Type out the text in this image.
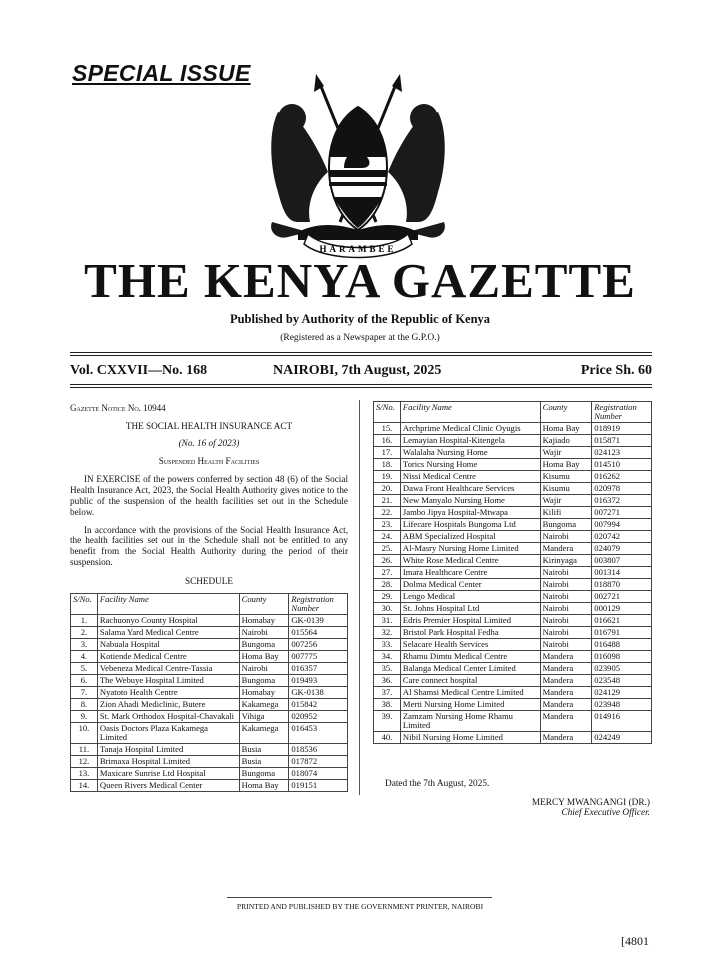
SPECIAL ISSUE
HARAMBEE
THE KENYA GAZETTE
Published by Authority of the Republic of Kenya
(Registered as a Newspaper at the G.P.O.)
Vol. CXXVII—No. 168	NAIROBI, 7th August, 2025	Price Sh. 60
Gazette Notice No. 10944
THE SOCIAL HEALTH INSURANCE ACT
(No. 16 of 2023)
Suspended Health Facilities

IN EXERCISE of the powers conferred by section 48 (6) of the Social Health Insurance Act, 2023, the Social Health Authority gives notice to the public of the suspension of the health facilities set out in the Schedule below.

In accordance with the provisions of the Social Health Insurance Act, the health facilities set out in the Schedule shall not be entitled to any benefit from the Social Health Authority during the period of their suspension.

SCHEDULE
S/No.	Facility Name	County	Registration Number
1.	Rachuonyo County Hospital	Homabay	GK-0139
2.	Salama Yard Medical Centre	Nairobi	015564
3.	Nabuala Hospital	Bungoma	007256
4.	Kotiende Medical Centre	Homa Bay	007775
5.	Vebeneza Medical Centre-Tassia	Nairobi	016357
6.	The Webuye Hospital Limited	Bungoma	019493
7.	Nyatoto Health Centre	Homabay	GK-0138
8.	Zion Ahadi Mediclinic, Butere	Kakamega	015842
9.	St. Mark Orthodox Hospital-Chavakali	Vihiga	020952
10.	Oasis Doctors Plaza Kakamega Limited	Kakamega	016453
11.	Tanaja Hospital Limited	Busia	018536
12.	Brimaxa Hospital Limited	Busia	017872
13.	Maxicare Sunrise Ltd Hospital	Bungoma	018074
14.	Queen Rivers Medical Center	Homa Bay	019151
S/No.	Facility Name	County	Registration Number
15.	Archprime Medical Clinic Oyugis	Homa Bay	018919
16.	Lemayian Hospital-Kitengela	Kajiado	015871
17.	Walalaha Nursing Home	Wajir	024123
18.	Torics Nursing Home	Homa Bay	014510
19.	Nissi Medical Centre	Kisumu	016262
20.	Dawa Front Healthcare Services	Kisumu	020978
21.	New Manyalo Nursing Home	Wajir	016372
22.	Jambo Jipya Hospital-Mtwapa	Kilifi	007271
23.	Lifecare Hospitals Bungoma Ltd	Bungoma	007994
24.	ABM Specialized Hospital	Nairobi	020742
25.	Al-Masry Nursing Home Limited	Mandera	024079
26.	White Rose Medical Centre	Kirinyaga	003807
27.	Imara Healthcare Centre	Nairobi	001314
28.	Dolma Medical Center	Nairobi	018870
29.	Lengo Medical	Nairobi	002721
30.	St. Johns Hospital Ltd	Nairobi	000129
31.	Edris Premier Hospital Limited	Nairobi	016621
32.	Bristol Park Hospital Fedha	Nairobi	016791
33.	Selacare Health Services	Nairobi	016488
34.	Rhamu Dimtu Medical Centre	Mandera	016098
35.	Balanga Medical Center Limited	Mandera	023905
36.	Care connect hospital	Mandera	023548
37.	Al Shamsi Medical Centre Limited	Mandera	024129
38.	Merti Nursing Home Limited	Mandera	023948
39.	Zamzam Nursing Home Rhamu Limited	Mandera	014916
40.	Nibil Nursing Home Limited	Mandera	024249
Dated the 7th August, 2025.
MERCY MWANGANGI (DR.)
Chief Executive Officer.
PRINTED AND PUBLISHED BY THE GOVERNMENT PRINTER, NAIROBI
[4801
